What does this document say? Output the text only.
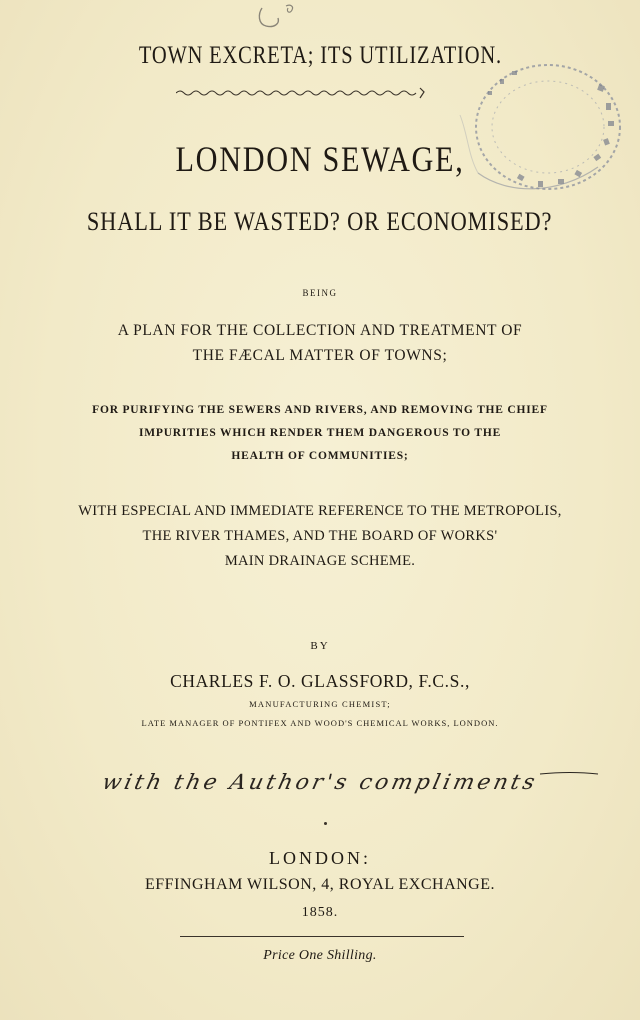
TOWN EXCRETA; ITS UTILIZATION.
LONDON SEWAGE,
SHALL IT BE WASTED? OR ECONOMISED?
BEING
A PLAN FOR THE COLLECTION AND TREATMENT OF
THE FÆCAL MATTER OF TOWNS;
FOR PURIFYING THE SEWERS AND RIVERS, AND REMOVING THE CHIEF
IMPURITIES WHICH RENDER THEM DANGEROUS TO THE
HEALTH OF COMMUNITIES;
WITH ESPECIAL AND IMMEDIATE REFERENCE TO THE METROPOLIS,
THE RIVER THAMES, AND THE BOARD OF WORKS'
MAIN DRAINAGE SCHEME.
BY
CHARLES F. O. GLASSFORD, F.C.S.,
MANUFACTURING CHEMIST;
LATE MANAGER OF PONTIFEX AND WOOD'S CHEMICAL WORKS, LONDON.
with the Author's compliments
LONDON:
EFFINGHAM WILSON, 4, ROYAL EXCHANGE.
1858.
Price One Shilling.
